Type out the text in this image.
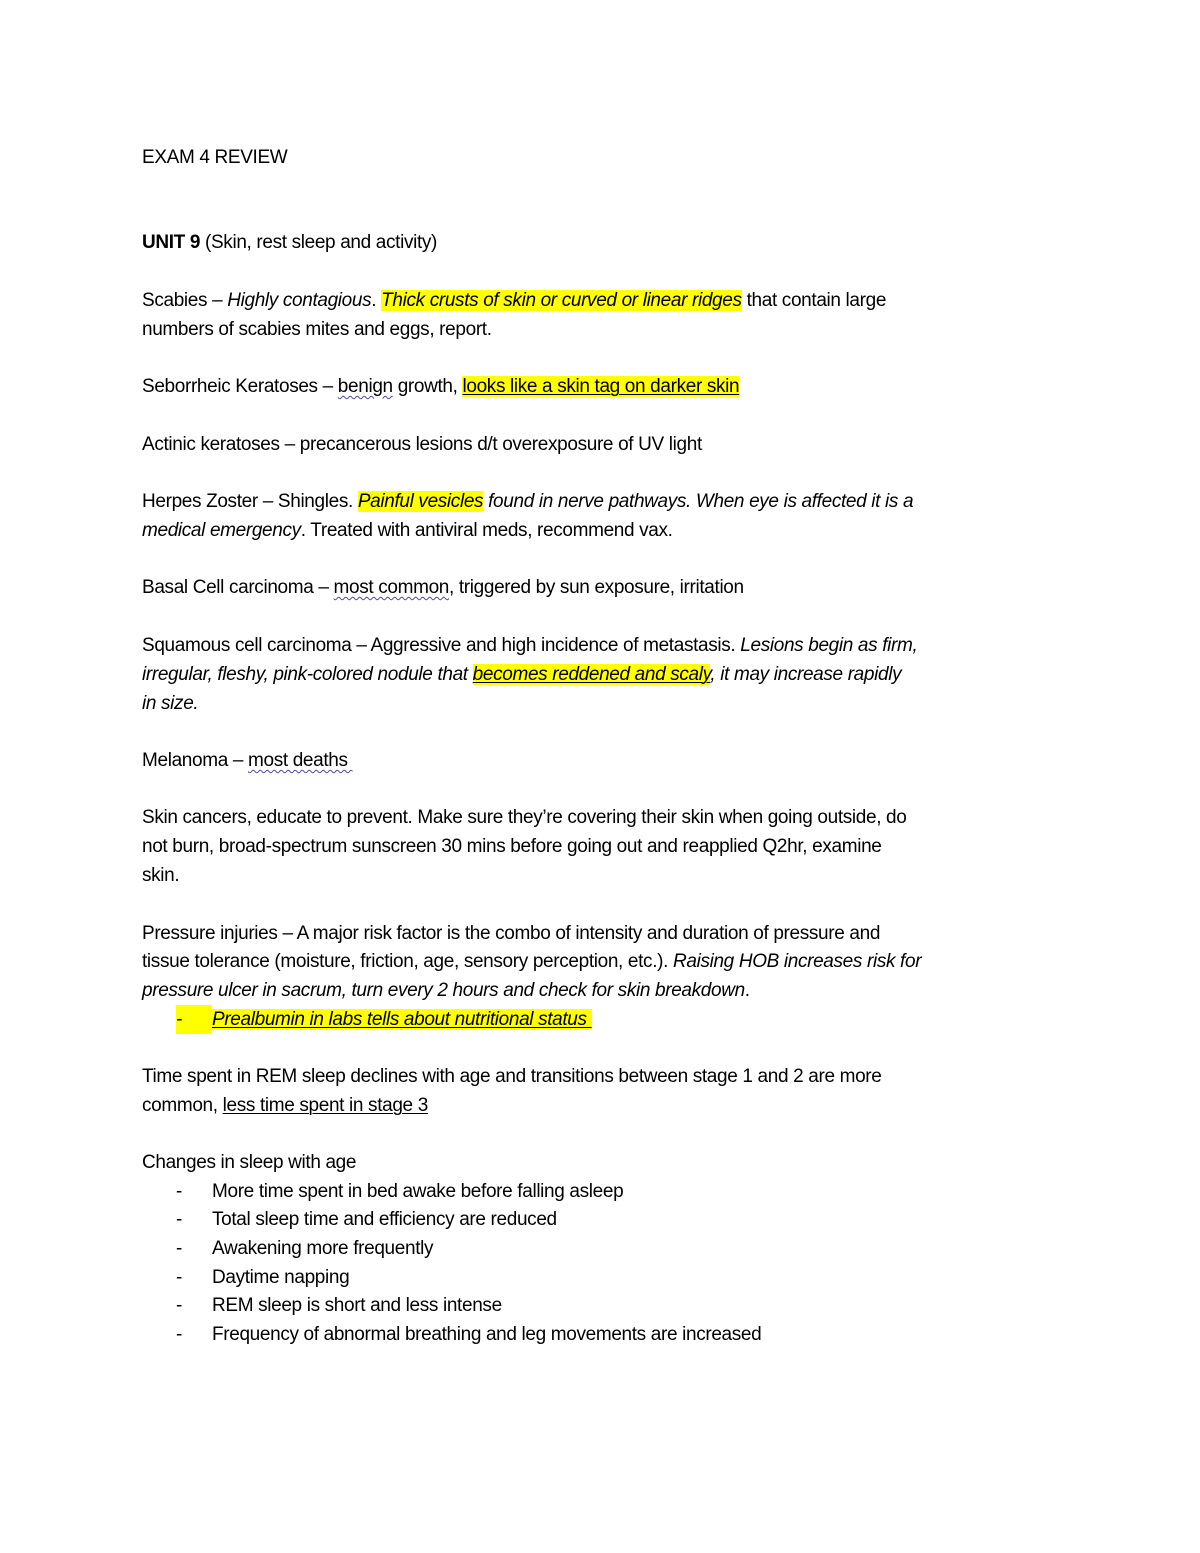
EXAM 4 REVIEW
UNIT 9 (Skin, rest sleep and activity)
Scabies – Highly contagious. Thick crusts of skin or curved or linear ridges that contain large
numbers of scabies mites and eggs, report.
Seborrheic Keratoses – benign growth, looks like a skin tag on darker skin
Actinic keratoses – precancerous lesions d/t overexposure of UV light
Herpes Zoster – Shingles. Painful vesicles found in nerve pathways. When eye is affected it is a
medical emergency. Treated with antiviral meds, recommend vax.
Basal Cell carcinoma – most common, triggered by sun exposure, irritation
Squamous cell carcinoma – Aggressive and high incidence of metastasis. Lesions begin as firm,
irregular, fleshy, pink-colored nodule that becomes reddened and scaly, it may increase rapidly
in size.
Melanoma – most deaths
Skin cancers, educate to prevent. Make sure they’re covering their skin when going outside, do
not burn, broad-spectrum sunscreen 30 mins before going out and reapplied Q2hr, examine
skin.
Pressure injuries – A major risk factor is the combo of intensity and duration of pressure and
tissue tolerance (moisture, friction, age, sensory perception, etc.). Raising HOB increases risk for
pressure ulcer in sacrum, turn every 2 hours and check for skin breakdown.
- Prealbumin in labs tells about nutritional status
Time spent in REM sleep declines with age and transitions between stage 1 and 2 are more
common, less time spent in stage 3
Changes in sleep with age
- More time spent in bed awake before falling asleep
- Total sleep time and efficiency are reduced
- Awakening more frequently
- Daytime napping
- REM sleep is short and less intense
- Frequency of abnormal breathing and leg movements are increased
